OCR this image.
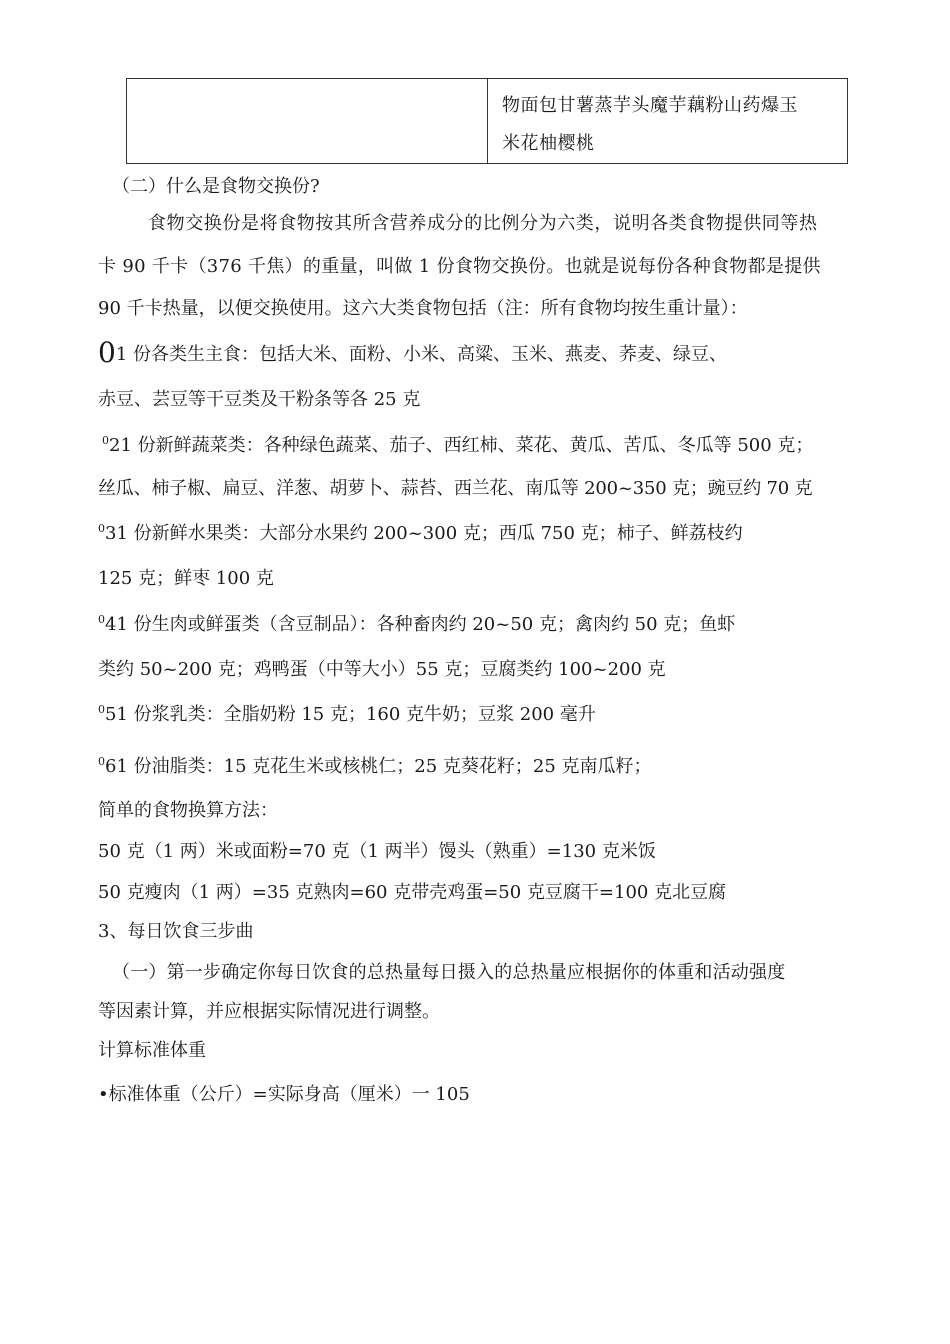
物面包甘薯蒸芋头魔芋藕粉山药爆玉
米花柚樱桃
（二）什么是食物交换份?
食物交换份是将食物按其所含营养成分的比例分为六类，说明各类食物提供同等热
卡 90 千卡（376 千焦）的重量，叫做 1 份食物交换份。也就是说每份各种食物都是提供
90 千卡热量，以便交换使用。这六大类食物包括（注：所有食物均按生重计量）：
01 份各类生主食：包括大米、面粉、小米、高粱、玉米、燕麦、荞麦、绿豆、
赤豆、芸豆等干豆类及干粉条等各 25 克
$^0$21 份新鲜蔬菜类：各种绿色蔬菜、茄子、西红柿、菜花、黄瓜、苦瓜、冬瓜等 500 克；
丝瓜、柿子椒、扁豆、洋葱、胡萝卜、蒜苔、西兰花、南瓜等 200~350 克；豌豆约 70 克
$^0$31 份新鲜水果类：大部分水果约 200~300 克；西瓜 750 克；柿子、鲜荔枝约
125 克；鲜枣 100 克
$^0$41 份生肉或鲜蛋类（含豆制品）：各种畜肉约 20~50 克；禽肉约 50 克；鱼虾
类约 50~200 克；鸡鸭蛋（中等大小）55 克；豆腐类约 100~200 克
$^0$51 份浆乳类：全脂奶粉 15 克；160 克牛奶；豆浆 200 毫升
$^0$61 份油脂类：15 克花生米或核桃仁；25 克葵花籽；25 克南瓜籽；
简单的食物换算方法：
50 克（1 两）米或面粉=70 克（1 两半）馒头（熟重）=130 克米饭
50 克瘦肉（1 两）=35 克熟肉=60 克带壳鸡蛋=50 克豆腐干=100 克北豆腐
3、每日饮食三步曲
（一）第一步确定你每日饮食的总热量每日摄入的总热量应根据你的体重和活动强度
等因素计算，并应根据实际情况进行调整。
计算标准体重
•标准体重（公斤）=实际身高（厘米）一 105
